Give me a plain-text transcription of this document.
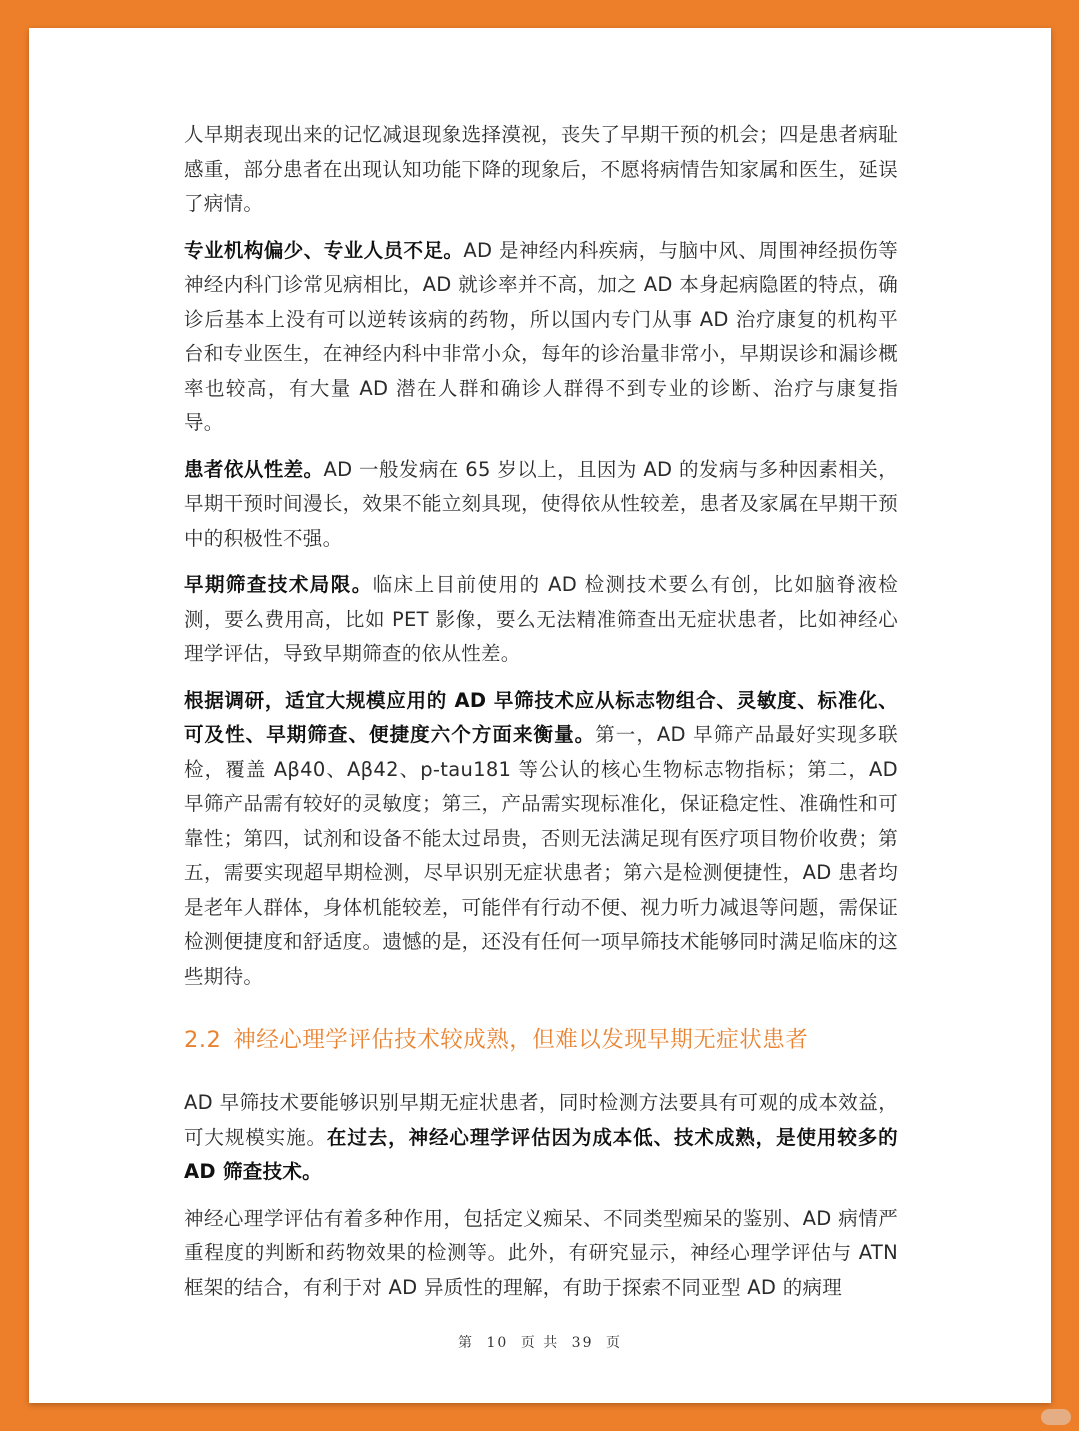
人早期表现出来的记忆减退现象选择漠视，丧失了早期干预的机会；四是患者病耻感重，部分患者在出现认知功能下降的现象后，不愿将病情告知家属和医生，延误了病情。

专业机构偏少、专业人员不足。AD 是神经内科疾病，与脑中风、周围神经损伤等神经内科门诊常见病相比，AD 就诊率并不高，加之 AD 本身起病隐匿的特点，确诊后基本上没有可以逆转该病的药物，所以国内专门从事 AD 治疗康复的机构平台和专业医生，在神经内科中非常小众，每年的诊治量非常小，早期误诊和漏诊概率也较高，有大量 AD 潜在人群和确诊人群得不到专业的诊断、治疗与康复指导。

患者依从性差。AD 一般发病在 65 岁以上，且因为 AD 的发病与多种因素相关，早期干预时间漫长，效果不能立刻具现，使得依从性较差，患者及家属在早期干预中的积极性不强。

早期筛查技术局限。临床上目前使用的 AD 检测技术要么有创，比如脑脊液检测，要么费用高，比如 PET 影像，要么无法精准筛查出无症状患者，比如神经心理学评估，导致早期筛查的依从性差。

根据调研，适宜大规模应用的 AD 早筛技术应从标志物组合、灵敏度、标准化、可及性、早期筛查、便捷度六个方面来衡量。第一，AD 早筛产品最好实现多联检，覆盖 Aβ40、Aβ42、p-tau181 等公认的核心生物标志物指标；第二，AD 早筛产品需有较好的灵敏度；第三，产品需实现标准化，保证稳定性、准确性和可靠性；第四，试剂和设备不能太过昂贵，否则无法满足现有医疗项目物价收费；第五，需要实现超早期检测，尽早识别无症状患者；第六是检测便捷性，AD 患者均是老年人群体，身体机能较差，可能伴有行动不便、视力听力减退等问题，需保证检测便捷度和舒适度。遗憾的是，还没有任何一项早筛技术能够同时满足临床的这些期待。

2.2 神经心理学评估技术较成熟，但难以发现早期无症状患者

AD 早筛技术要能够识别早期无症状患者，同时检测方法要具有可观的成本效益，可大规模实施。在过去，神经心理学评估因为成本低、技术成熟，是使用较多的 AD 筛查技术。

神经心理学评估有着多种作用，包括定义痴呆、不同类型痴呆的鉴别、AD 病情严重程度的判断和药物效果的检测等。此外，有研究显示，神经心理学评估与 ATN 框架的结合，有利于对 AD 异质性的理解，有助于探索不同亚型 AD 的病理

第 10 页 共 39 页
